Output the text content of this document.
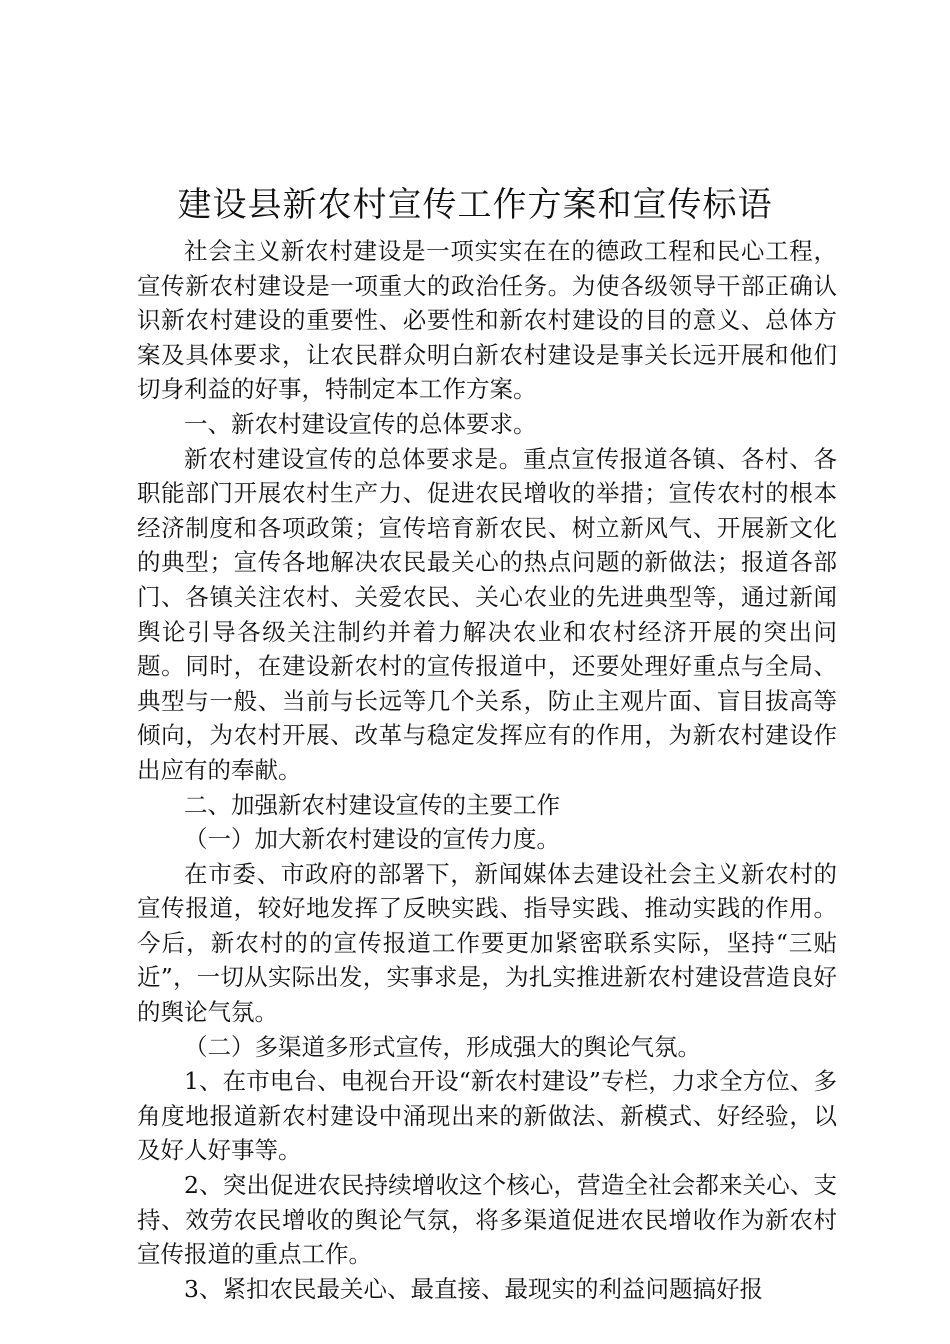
建设县新农村宣传工作方案和宣传标语

社会主义新农村建设是一项实实在在的德政工程和民心工程，宣传新农村建设是一项重大的政治任务。为使各级领导干部正确认识新农村建设的重要性、必要性和新农村建设的目的意义、总体方案及具体要求，让农民群众明白新农村建设是事关长远开展和他们切身利益的好事，特制定本工作方案。

一、新农村建设宣传的总体要求。

新农村建设宣传的总体要求是。重点宣传报道各镇、各村、各职能部门开展农村生产力、促进农民增收的举措；宣传农村的根本经济制度和各项政策；宣传培育新农民、树立新风气、开展新文化的典型；宣传各地解决农民最关心的热点问题的新做法；报道各部门、各镇关注农村、关爱农民、关心农业的先进典型等，通过新闻舆论引导各级关注制约并着力解决农业和农村经济开展的突出问题。同时，在建设新农村的宣传报道中，还要处理好重点与全局、典型与一般、当前与长远等几个关系，防止主观片面、盲目拔高等倾向，为农村开展、改革与稳定发挥应有的作用，为新农村建设作出应有的奉献。

二、加强新农村建设宣传的主要工作

（一）加大新农村建设的宣传力度。

在市委、市政府的部署下，新闻媒体去建设社会主义新农村的宣传报道，较好地发挥了反映实践、指导实践、推动实践的作用。今后，新农村的的宣传报道工作要更加紧密联系实际，坚持“三贴近”，一切从实际出发，实事求是，为扎实推进新农村建设营造良好的舆论气氛。

（二）多渠道多形式宣传，形成强大的舆论气氛。

1、在市电台、电视台开设“新农村建设”专栏，力求全方位、多角度地报道新农村建设中涌现出来的新做法、新模式、好经验，以及好人好事等。

2、突出促进农民持续增收这个核心，营造全社会都来关心、支持、效劳农民增收的舆论气氛，将多渠道促进农民增收作为新农村宣传报道的重点工作。

3、紧扣农民最关心、最直接、最现实的利益问题搞好报
